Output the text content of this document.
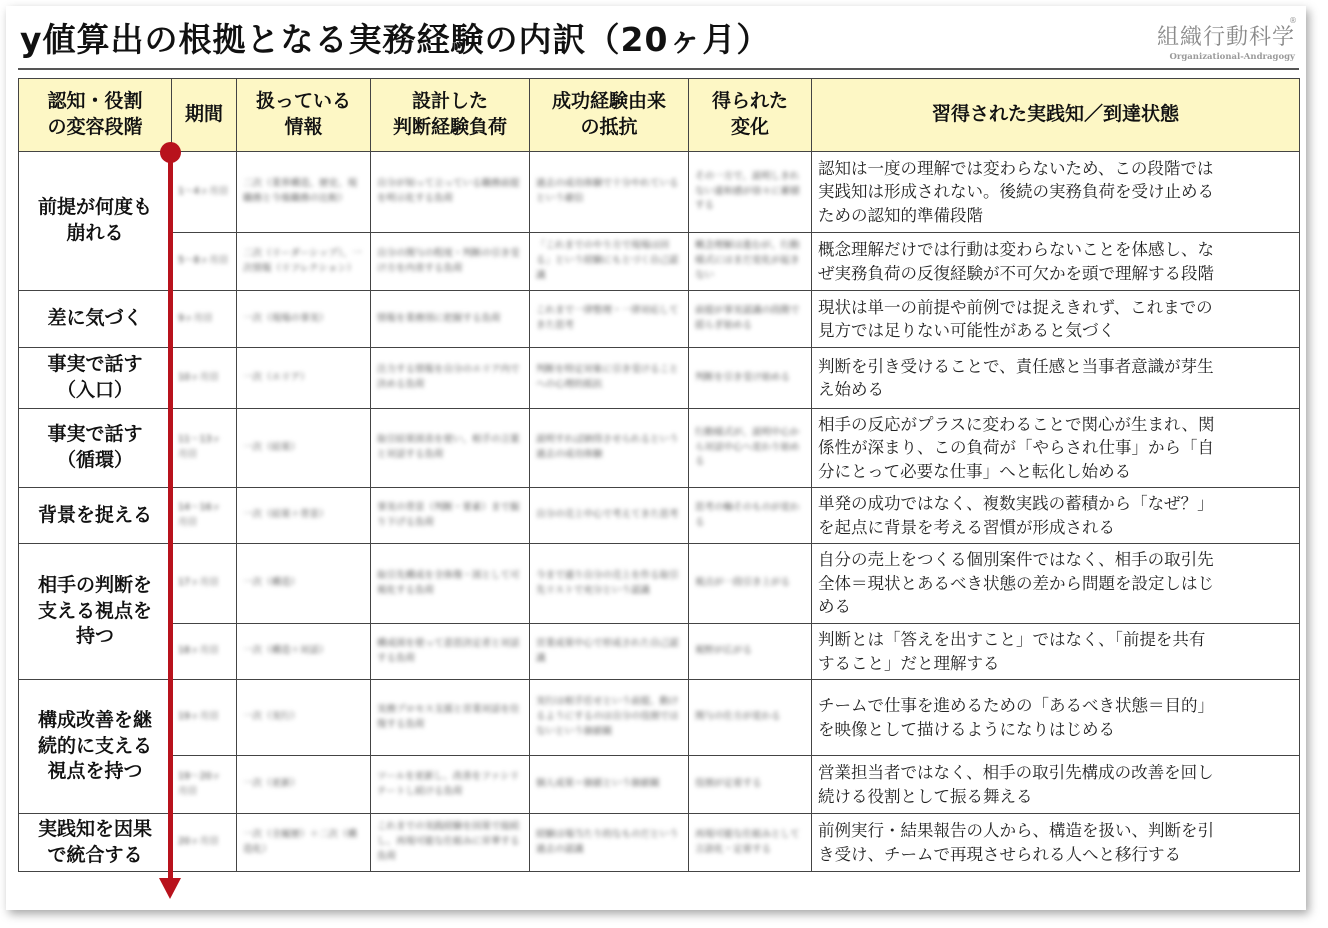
y値算出の根拠となる実務経験の内訳（20ヶ月）	組織行動科学
Organizational-Andragogy
®
認知・役割
の変容段階	期間	扱っている
情報	設計した
判断経験負荷	成功経験由来
の抵抗	得られた
変化	習得された実践知／到達状態
前提が何度も
崩れる	1〜4ヶ月目	二次（業界構造、歴史、現職務と今後職務の比較）	自分が知って立っている職務前提を明示化する負荷	過去の成功体験で十分やれているという確信	その一方で、説明しきれない違和感が徐々に蓄積する	認知は一度の理解では変わらないため、この段階では
実践知は形成されない。後続の実務負荷を受け止める
ための認知的準備段階

	5〜8ヶ月目	二次（リーダーシップ）、一次情報（リフレクション）	自分の関与の程度・判断の引き受け方を内省する負荷	「これまでのやり方で現場は回る」という経験にもとづく自己認識	概念理解は進むが、行動様式にはまだ変化が起きない	概念理解だけでは行動は変わらないことを体感し、な
ぜ実務負荷の反復経験が不可欠かを頭で理解する段階

差に気づく	9ヶ月目	一次（現場の事実）	情報を業務別に把握する負荷	これまで一律整理・一律対応してきた思考	前提が事実認識の段階で揺らぎ始める	現状は単一の前提や前例では捉えきれず、これまでの
見方では足りない可能性があると気づく

事実で話す
（入口）	10ヶ月目	一次（エリア）	注力する情報を自分のエリア内で決める負荷	判断を特定対象に引き受けることへの心理的抵抗	判断を引き受け始める	判断を引き受けることで、責任感と当事者意識が芽生
え始める

事実で話す
（循環）	11〜13ヶ月目	一次（結果）	取引結果図表を使い、相手の言葉と対話する負荷	説明すれば納得させられるという過去の成功体験	行動様式が、説明中心から対話中心へ変わり始める	相手の反応がプラスに変わることで関心が生まれ、関
係性が深まり、この負荷が「やらされ仕事」から「自
分にとって必要な仕事」へと転化し始める

背景を捉える	14〜16ヶ月目	一次（結果＋背景）	事実の背景（判断・要素）まで掘り下げる負荷	自分の売上中心で考えてきた思考	思考の軸そのものが変わる	単発の成功ではなく、複数実践の蓄積から「なぜ？」
を起点に背景を考える習慣が形成される

相手の判断を
支える視点を
持つ	17ヶ月目	一次（構造）	取引先構成を全体像・図として可視化する負荷	今まで通り自分の売上を作る取引先リストで充分という認識	視点が一段引き上がる	自分の売上をつくる個別案件ではなく、相手の取引先
全体＝現状とあるべき状態の差から問題を設定しはじ
める

	18ヶ月目	一次（構造＋対話）	構成図を使って意思決定者と対話する負荷	営業成果中心で形成された自己認識	視野が広がる	判断とは「答えを出すこと」ではなく、「前提を共有
すること」だと理解する

構成改善を継
続的に支える
視点を持つ	19ヶ月目	一次（実行）	実務プロセス支援と営業対話を往復する負荷	実行は相手任せという前提、動けるようにするのは自分の役割ではないという価値観	関与の仕方が変わる	チームで仕事を進めるための「あるべき状態＝目的」
を映像として描けるようになりはじめる

	19〜20ヶ月目	一次（更新）	ツールを更新し、改善をファシリテートし続ける負荷	個人成果＝価値という価値観	役割が定着する	営業担当者ではなく、相手の取引先構成の改善を回し
続ける役割として振る舞える

実践知を因果
で統合する	20ヶ月目	一次（全履歴）＋二次（構造化）	これまでの実践経験を因果で接続し、再現可能な仕組みに昇華する負荷	経験は場当たり的なものだという過去の認識	再現可能な仕組みとして言語化・定着する	前例実行・結果報告の人から、構造を扱い、判断を引
き受け、チームで再現させられる人へと移行する
